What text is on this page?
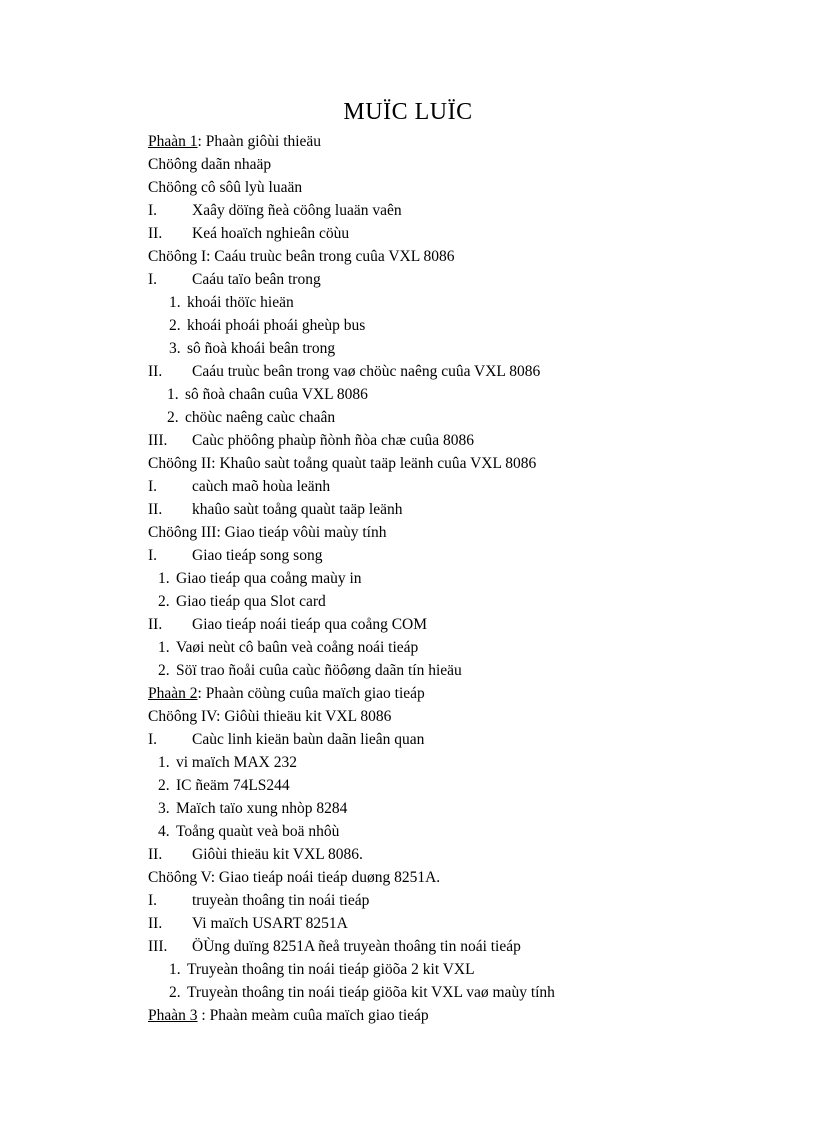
MUÏC LUÏC
Phaàn 1: Phaàn giôùi thieäu
Chöông daãn nhaäp
Chöông cô sôû lyù luaän
I. Xaây döïng ñeà cöông luaän vaên
II. Keá hoaïch nghieân cöùu
Chöông I: Caáu truùc beân trong cuûa VXL 8086
I. Caáu taïo beân trong
1. khoái thöïc hieän
2. khoái phoái phoái gheùp bus
3. sô ñoà khoái beân trong
II. Caáu truùc beân trong vaø chöùc naêng cuûa VXL 8086
1. sô ñoà chaân cuûa VXL 8086
2. chöùc naêng caùc chaân
III. Caùc phöông phaùp ñònh ñòa chæ cuûa 8086
Chöông II: Khaûo saùt toång quaùt taäp leänh cuûa VXL 8086
I. caùch maõ hoùa leänh
II. khaûo saùt toång quaùt taäp leänh
Chöông III: Giao tieáp vôùi maùy tính
I. Giao tieáp song song
1. Giao tieáp qua coång maùy in
2. Giao tieáp qua Slot card
II. Giao tieáp noái tieáp qua coång COM
1. Vaøi neùt cô baûn veà coång noái tieáp
2. Söï trao ñoåi cuûa caùc ñöôøng daãn tín hieäu
Phaàn 2: Phaàn cöùng cuûa maïch giao tieáp
Chöông IV: Giôùi thieäu kit VXL 8086
I. Caùc linh kieän baùn daãn lieân quan
1. vi maïch MAX 232
2. IC ñeäm 74LS244
3. Maïch taïo xung nhòp 8284
4. Toång quaùt veà boä nhôù
II. Giôùi thieäu kit VXL 8086.
Chöông V: Giao tieáp noái tieáp duøng 8251A.
I. truyeàn thoâng tin noái tieáp
II. Vi maïch USART 8251A
III. ÖÙng duïng 8251A ñeå truyeàn thoâng tin noái tieáp
1. Truyeàn thoâng tin noái tieáp giöõa 2 kit VXL
2. Truyeàn thoâng tin noái tieáp giöõa kit VXL vaø maùy tính
Phaàn 3 : Phaàn meàm cuûa maïch giao tieáp
